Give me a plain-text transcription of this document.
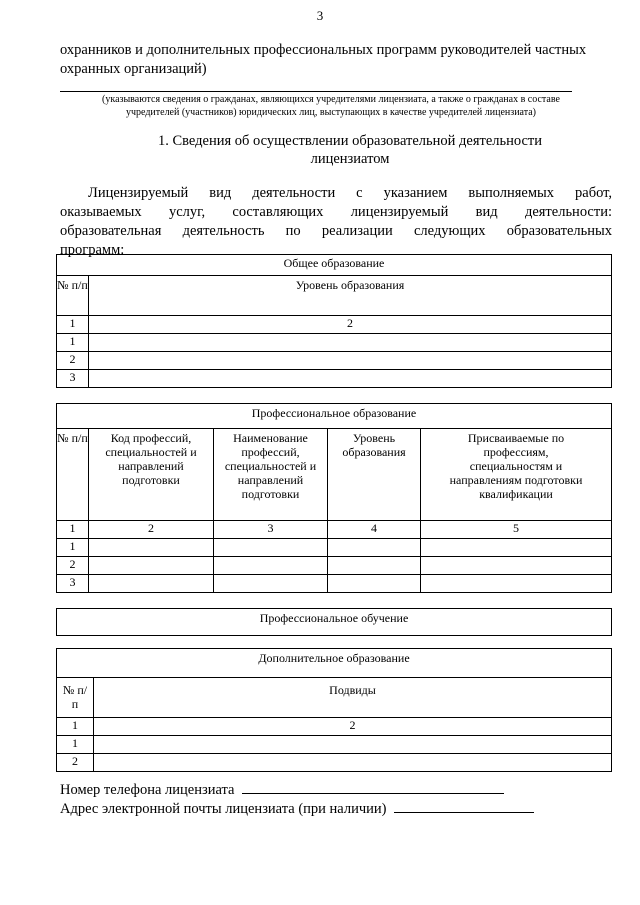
3
охранников и дополнительных профессиональных программ руководителей частных
охранных организаций)
(указываются сведения о гражданах, являющихся учредителями лицензиата, а также о гражданах в составе
учредителей (участников) юридических лиц, выступающих в качестве учредителей лицензиата)
1. Сведения об осуществлении образовательной деятельности
лицензиатом
Лицензируемый вид деятельности с указанием выполняемых работ,
оказываемых услуг, составляющих лицензируемый вид деятельности:
образовательная деятельность по реализации следующих образовательных
программ:
Общее образование	
№ п/п	Уровень образования
1	2
1	
2	
3	
Профессиональное образование				
№ п/п	Код профессий, специальностей и направлений подготовки	Наименование профессий, специальностей и направлений подготовки	Уровень образования	Присваиваемые по профессиям, специальностям и направлениям подготовки квалификации
1	2	3	4	5
1				
2				
3				
Профессиональное обучение
Дополнительное образование	
№ п/п	Подвиды
1	2
1	
2	
Номер телефона лицензиата
Адрес электронной почты лицензиата (при наличии)
